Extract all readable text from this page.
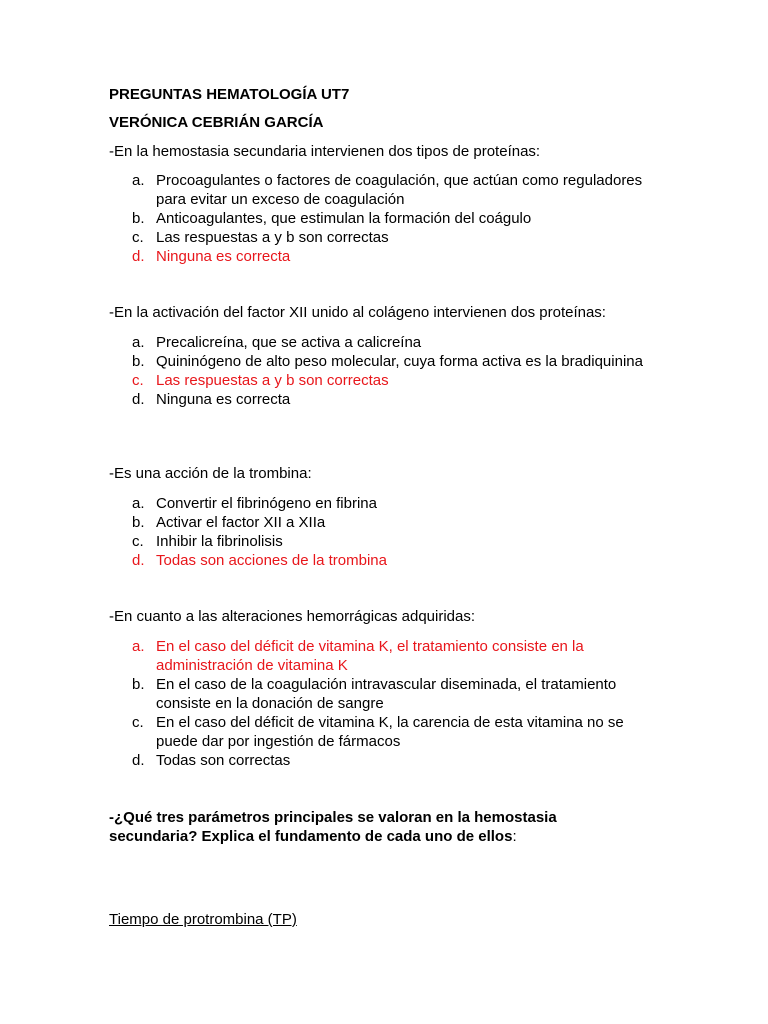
PREGUNTAS HEMATOLOGÍA UT7
VERÓNICA CEBRIÁN GARCÍA
-En la hemostasia secundaria intervienen dos tipos de proteínas:
a. Procoagulantes o factores de coagulación, que actúan como reguladores para evitar un exceso de coagulación
b. Anticoagulantes, que estimulan la formación del coágulo
c. Las respuestas a y b son correctas
d. Ninguna es correcta
-En la activación del factor XII unido al colágeno intervienen dos proteínas:
a. Precalicreína, que se activa a calicreína
b. Quininógeno de alto peso molecular, cuya forma activa es la bradiquinina
c. Las respuestas a y b son correctas
d. Ninguna es correcta
-Es una acción de la trombina:
a. Convertir el fibrinógeno en fibrina
b. Activar el factor XII a XIIa
c. Inhibir la fibrinolisis
d. Todas son acciones de la trombina
-En cuanto a las alteraciones hemorrágicas adquiridas:
a. En el caso del déficit de vitamina K, el tratamiento consiste en la administración de vitamina K
b. En el caso de la coagulación intravascular diseminada, el tratamiento consiste en la donación de sangre
c. En el caso del déficit de vitamina K, la carencia de esta vitamina no se puede dar por ingestión de fármacos
d. Todas son correctas
-¿Qué tres parámetros principales se valoran en la hemostasia secundaria? Explica el fundamento de cada uno de ellos:
Tiempo de protrombina (TP)
